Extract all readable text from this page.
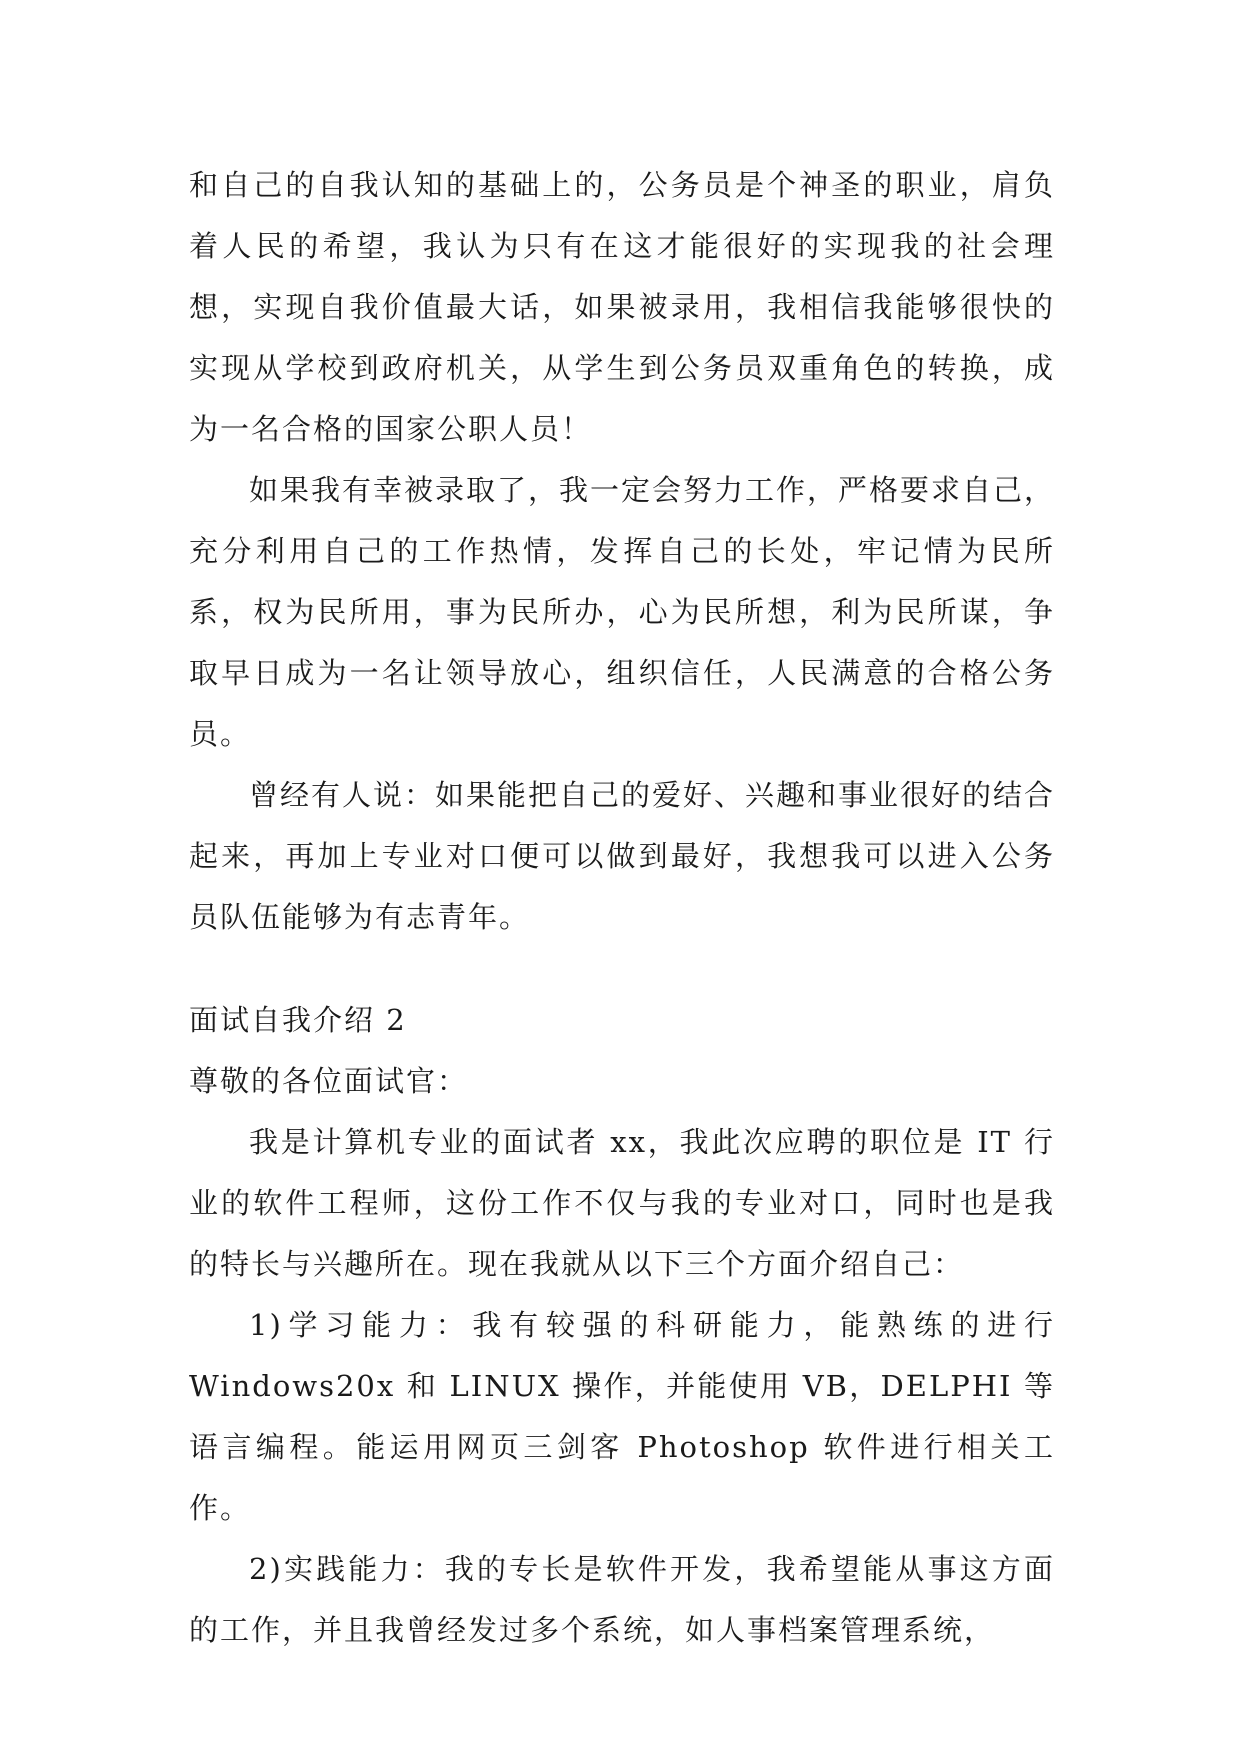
和自己的自我认知的基础上的，公务员是个神圣的职业，肩负着人民的希望，我认为只有在这才能很好的实现我的社会理想，实现自我价值最大话，如果被录用，我相信我能够很快的实现从学校到政府机关，从学生到公务员双重角色的转换，成为一名合格的国家公职人员！

如果我有幸被录取了，我一定会努力工作，严格要求自己，充分利用自己的工作热情，发挥自己的长处，牢记情为民所系，权为民所用，事为民所办，心为民所想，利为民所谋，争取早日成为一名让领导放心，组织信任，人民满意的合格公务员。

曾经有人说：如果能把自己的爱好、兴趣和事业很好的结合起来，再加上专业对口便可以做到最好，我想我可以进入公务员队伍能够为有志青年。

面试自我介绍 2

尊敬的各位面试官：

我是计算机专业的面试者 xx，我此次应聘的职位是 IT 行业的软件工程师，这份工作不仅与我的专业对口，同时也是我的特长与兴趣所在。现在我就从以下三个方面介绍自己：

1)学习能力：我有较强的科研能力，能熟练的进行 Windows20x 和 LINUX 操作，并能使用 VB，DELPHI 等语言编程。能运用网页三剑客 Photoshop 软件进行相关工作。

2)实践能力：我的专长是软件开发，我希望能从事这方面的工作，并且我曾经发过多个系统，如人事档案管理系统，
